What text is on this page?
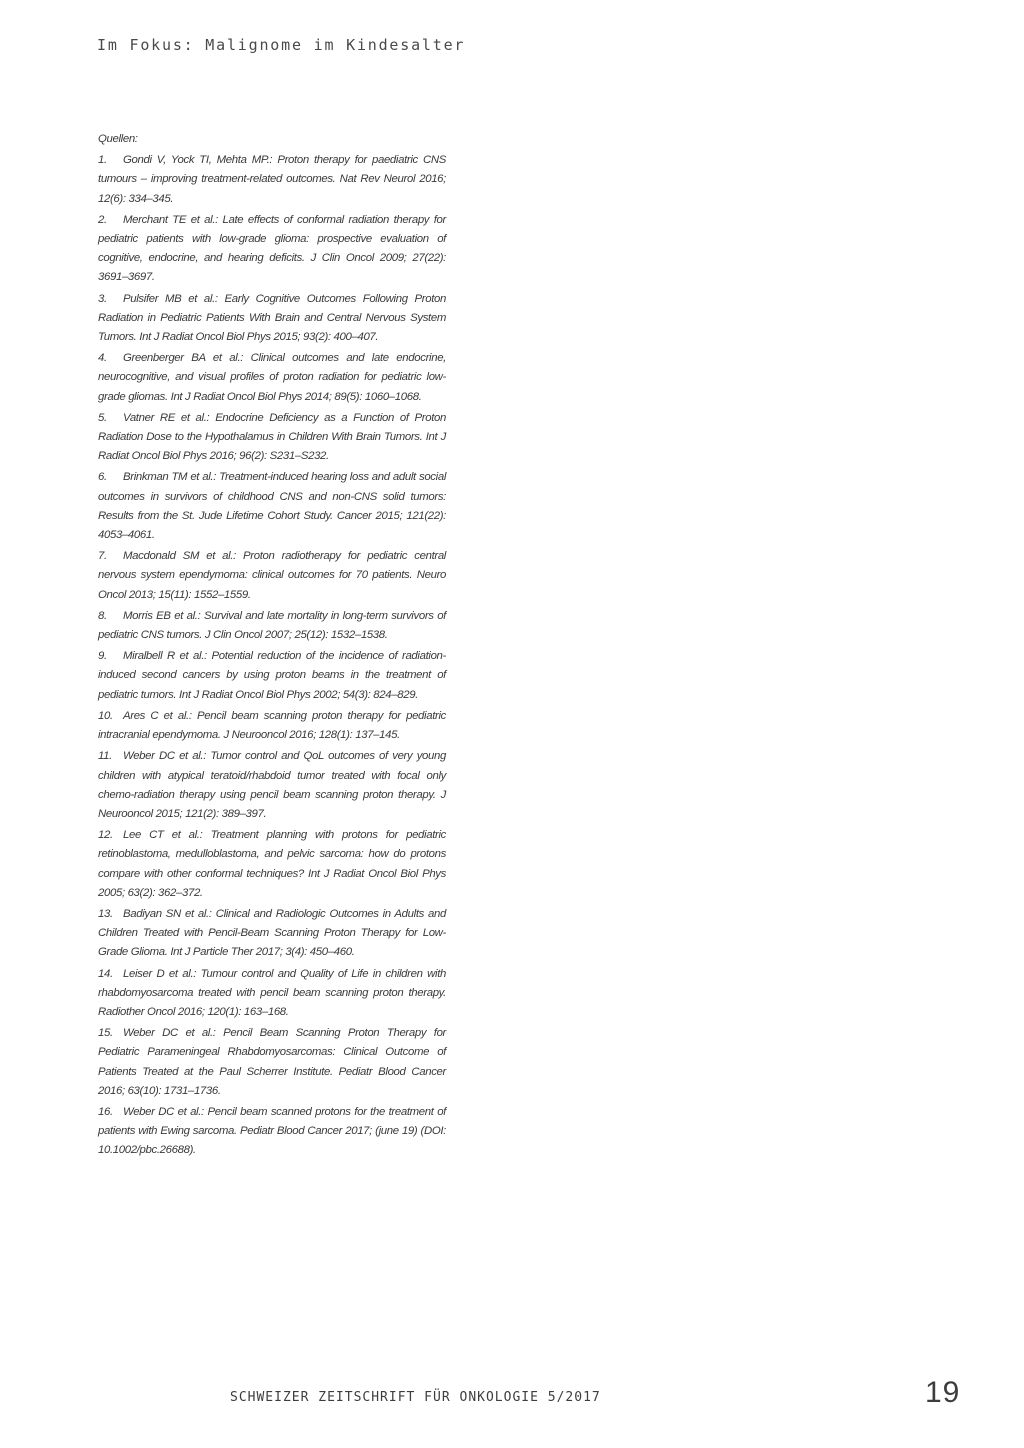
Im Fokus: Malignome im Kindesalter
Quellen:
1. Gondi V, Yock TI, Mehta MP.: Proton therapy for paediatric CNS tumours – improving treatment-related outcomes. Nat Rev Neurol 2016; 12(6): 334–345.
2. Merchant TE et al.: Late effects of conformal radiation therapy for pediatric patients with low-grade glioma: prospective evaluation of cognitive, endocrine, and hearing deficits. J Clin Oncol 2009; 27(22): 3691–3697.
3. Pulsifer MB et al.: Early Cognitive Outcomes Following Proton Radiation in Pediatric Patients With Brain and Central Nervous System Tumors. Int J Radiat Oncol Biol Phys 2015; 93(2): 400–407.
4. Greenberger BA et al.: Clinical outcomes and late endocrine, neurocognitive, and visual profiles of proton radiation for pediatric low-grade gliomas. Int J Radiat Oncol Biol Phys 2014; 89(5): 1060–1068.
5. Vatner RE et al.: Endocrine Deficiency as a Function of Proton Radiation Dose to the Hypothalamus in Children With Brain Tumors. Int J Radiat Oncol Biol Phys 2016; 96(2): S231–S232.
6. Brinkman TM et al.: Treatment-induced hearing loss and adult social outcomes in survivors of childhood CNS and non-CNS solid tumors: Results from the St. Jude Lifetime Cohort Study. Cancer 2015; 121(22): 4053–4061.
7. Macdonald SM et al.: Proton radiotherapy for pediatric central nervous system ependymoma: clinical outcomes for 70 patients. Neuro Oncol 2013; 15(11): 1552–1559.
8. Morris EB et al.: Survival and late mortality in long-term survivors of pediatric CNS tumors. J Clin Oncol 2007; 25(12): 1532–1538.
9. Miralbell R et al.: Potential reduction of the incidence of radiation-induced second cancers by using proton beams in the treatment of pediatric tumors. Int J Radiat Oncol Biol Phys 2002; 54(3): 824–829.
10. Ares C et al.: Pencil beam scanning proton therapy for pediatric intracranial ependymoma. J Neurooncol 2016; 128(1): 137–145.
11. Weber DC et al.: Tumor control and QoL outcomes of very young children with atypical teratoid/rhabdoid tumor treated with focal only chemo-radiation therapy using pencil beam scanning proton therapy. J Neurooncol 2015; 121(2): 389–397.
12. Lee CT et al.: Treatment planning with protons for pediatric retinoblastoma, medulloblastoma, and pelvic sarcoma: how do protons compare with other conformal techniques? Int J Radiat Oncol Biol Phys 2005; 63(2): 362–372.
13. Badiyan SN et al.: Clinical and Radiologic Outcomes in Adults and Children Treated with Pencil-Beam Scanning Proton Therapy for Low-Grade Glioma. Int J Particle Ther 2017; 3(4): 450–460.
14. Leiser D et al.: Tumour control and Quality of Life in children with rhabdomyosarcoma treated with pencil beam scanning proton therapy. Radiother Oncol 2016; 120(1): 163–168.
15. Weber DC et al.: Pencil Beam Scanning Proton Therapy for Pediatric Parameningeal Rhabdomyosarcomas: Clinical Outcome of Patients Treated at the Paul Scherrer Institute. Pediatr Blood Cancer 2016; 63(10): 1731–1736.
16. Weber DC et al.: Pencil beam scanned protons for the treatment of patients with Ewing sarcoma. Pediatr Blood Cancer 2017; (june 19) (DOI: 10.1002/pbc.26688).
SCHWEIZER ZEITSCHRIFT FÜR ONKOLOGIE 5/2017	19
